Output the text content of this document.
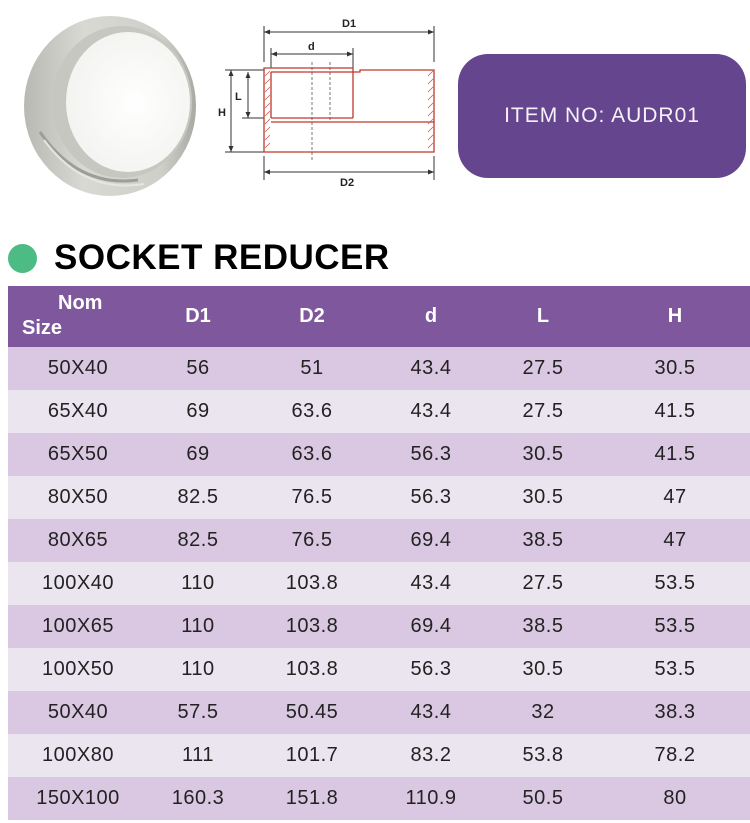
D1
d
H
L
D2
ITEM NO: AUDR01
SOCKET REDUCER
Nom
Size	D1	D2	d	L	H
50X40	56	51	43.4	27.5	30.5
65X40	69	63.6	43.4	27.5	41.5
65X50	69	63.6	56.3	30.5	41.5
80X50	82.5	76.5	56.3	30.5	47
80X65	82.5	76.5	69.4	38.5	47
100X40	110	103.8	43.4	27.5	53.5
100X65	110	103.8	69.4	38.5	53.5
100X50	110	103.8	56.3	30.5	53.5
50X40	57.5	50.45	43.4	32	38.3
100X80	111	101.7	83.2	53.8	78.2
150X100	160.3	151.8	110.9	50.5	80
